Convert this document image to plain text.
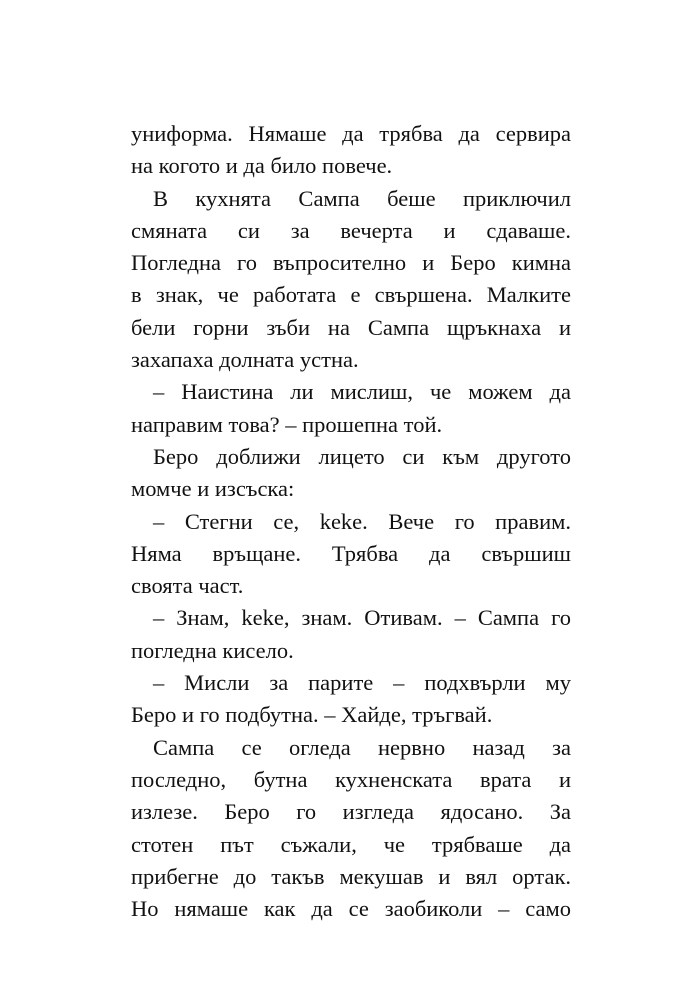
униформа. Нямаше да трябва да сервира
на когото и да било повече.
В кухнята Сампа беше приключил
смяната си за вечерта и сдаваше.
Погледна го въпросително и Беро кимна
в знак, че работата е свършена. Малките
бели горни зъби на Сампа щръкнаха и
захапаха долната устна.
– Наистина ли мислиш, че можем да
направим това? – прошепна той.
Беро доближи лицето си към другото
момче и изсъска:
– Стегни се, keke. Вече го правим.
Няма връщане. Трябва да свършиш
своята част.
– Знам, keke, знам. Отивам. – Сампа го
погледна кисело.
– Мисли за парите – подхвърли му
Беро и го подбутна. – Хайде, тръгвай.
Сампа се огледа нервно назад за
последно, бутна кухненската врата и
излезе. Беро го изгледа ядосано. За
стотен път съжали, че трябваше да
прибегне до такъв мекушав и вял ортак.
Но нямаше как да се заобиколи – само
